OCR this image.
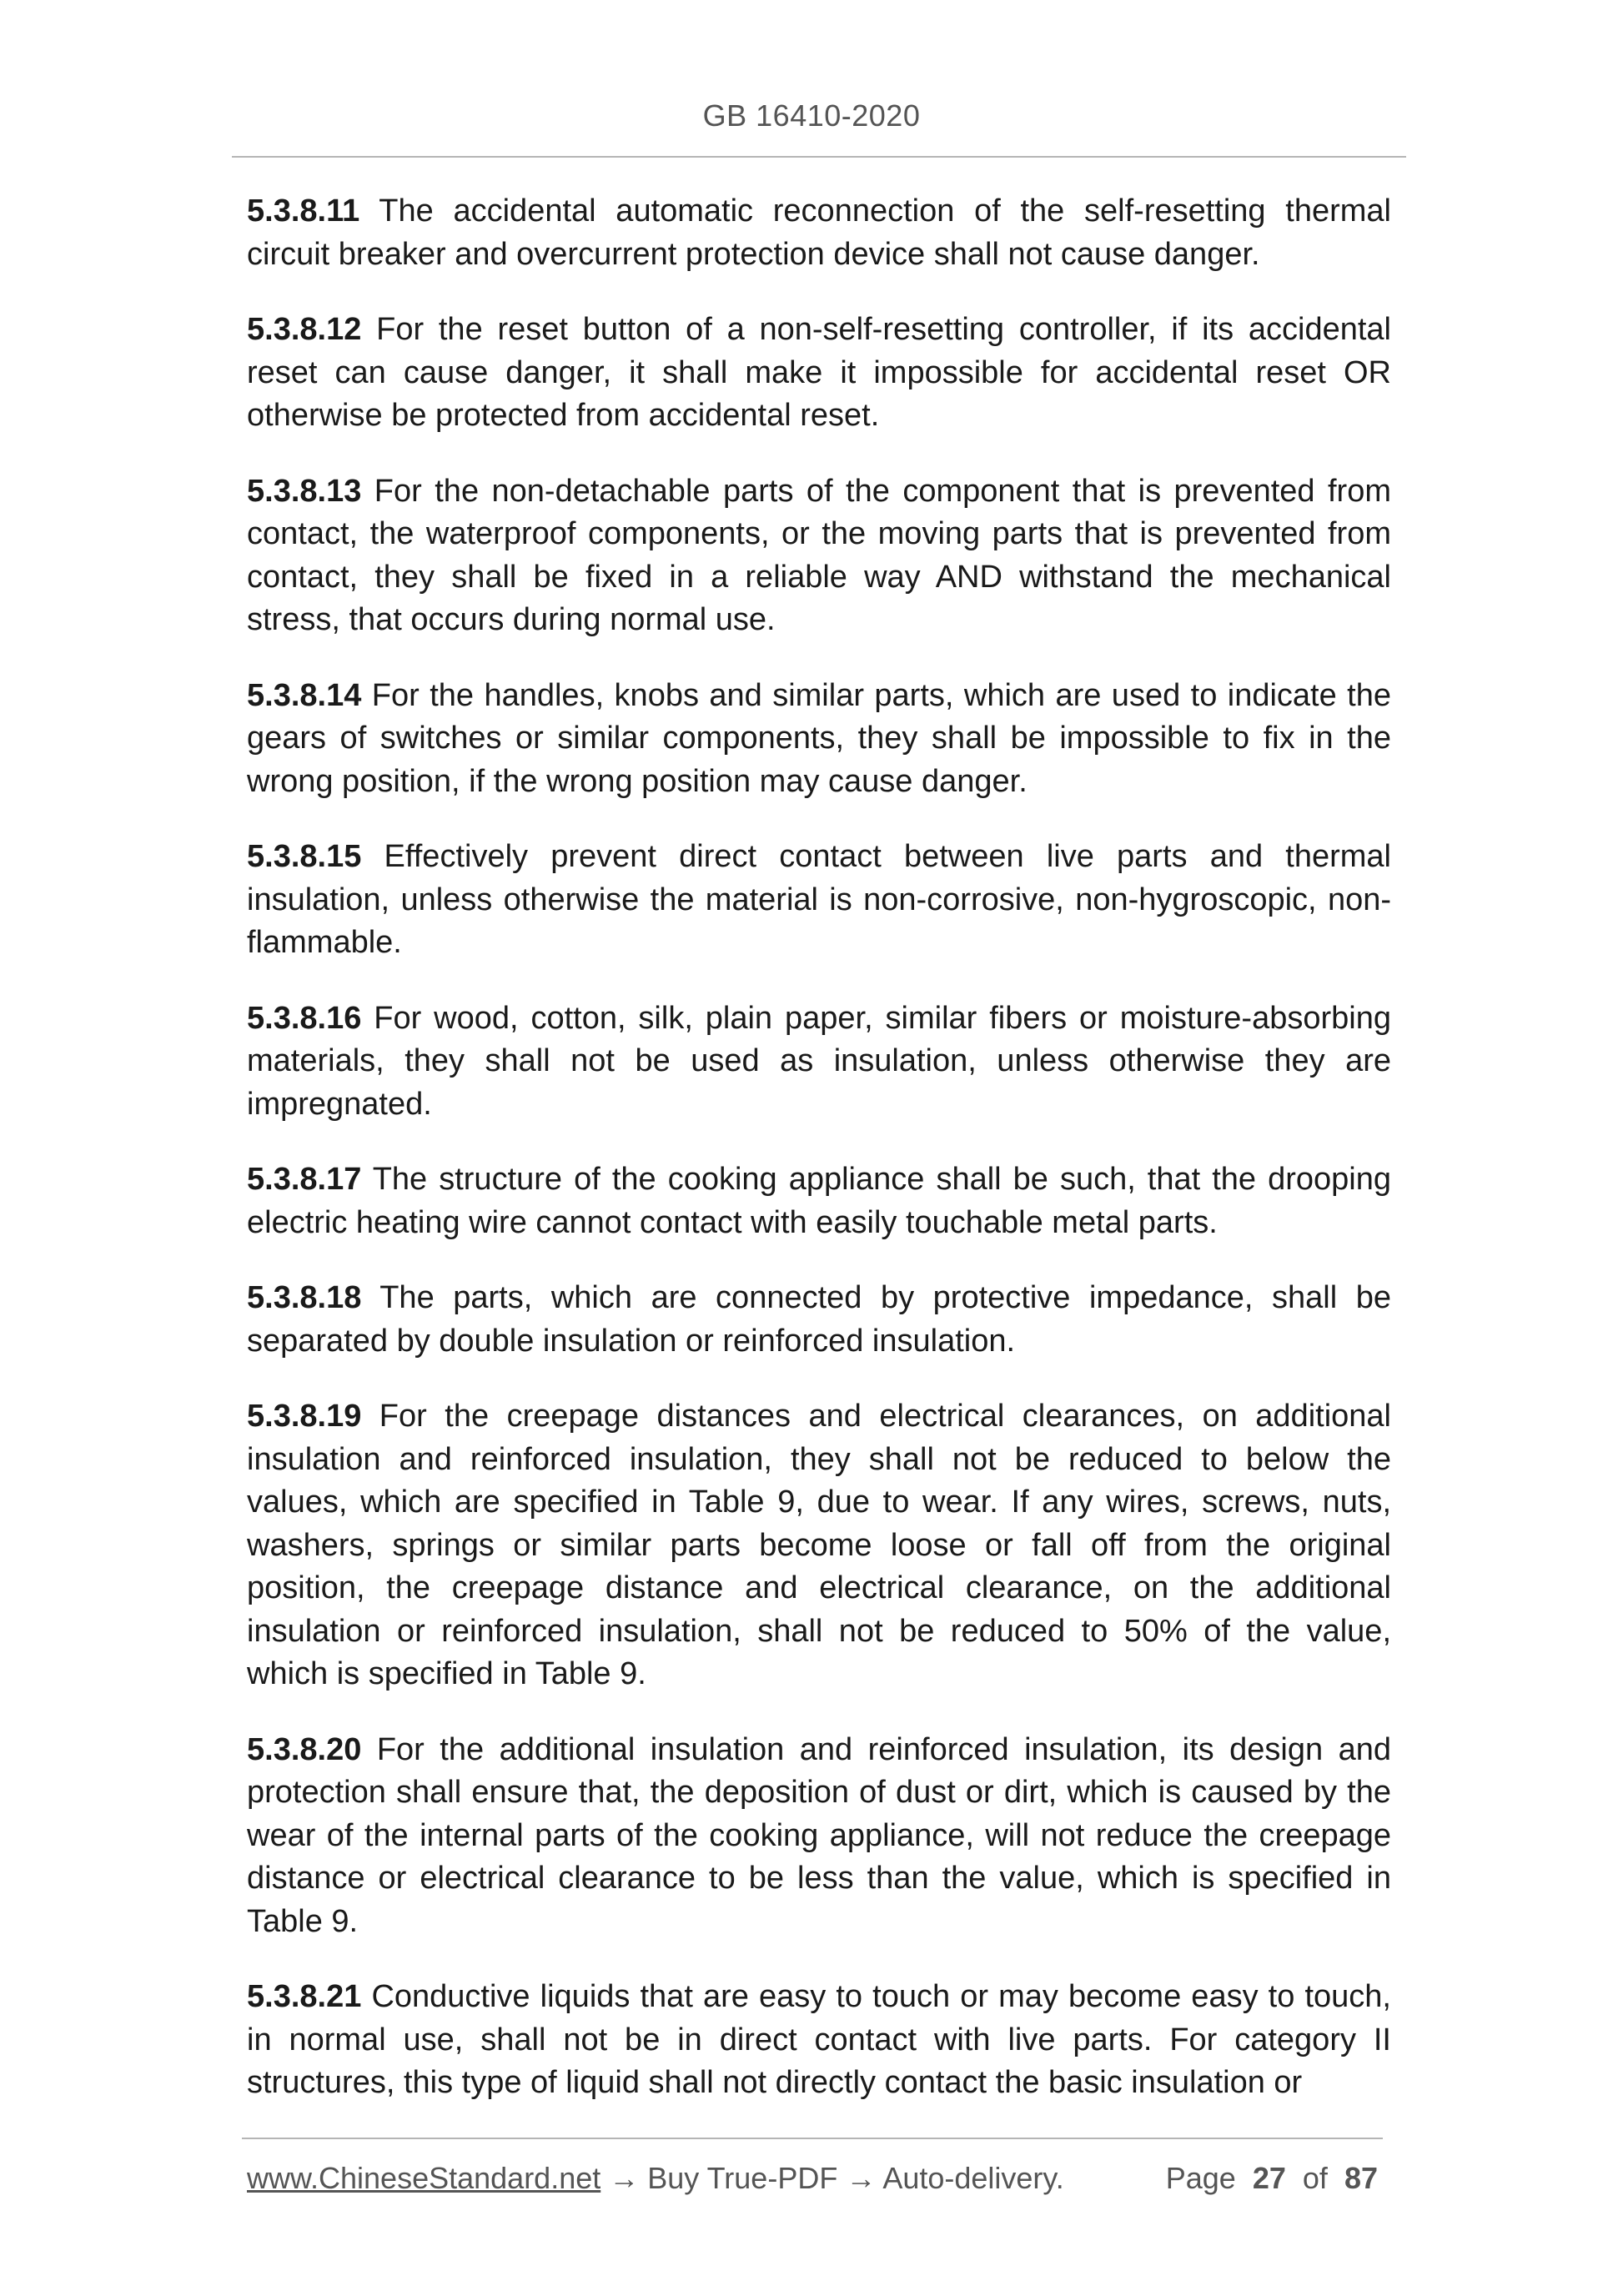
GB 16410-2020

5.3.8.11 The accidental automatic reconnection of the self-resetting thermal circuit breaker and overcurrent protection device shall not cause danger.

5.3.8.12 For the reset button of a non-self-resetting controller, if its accidental reset can cause danger, it shall make it impossible for accidental reset OR otherwise be protected from accidental reset.

5.3.8.13 For the non-detachable parts of the component that is prevented from contact, the waterproof components, or the moving parts that is prevented from contact, they shall be fixed in a reliable way AND withstand the mechanical stress, that occurs during normal use.

5.3.8.14 For the handles, knobs and similar parts, which are used to indicate the gears of switches or similar components, they shall be impossible to fix in the wrong position, if the wrong position may cause danger.

5.3.8.15 Effectively prevent direct contact between live parts and thermal insulation, unless otherwise the material is non-corrosive, non-hygroscopic, non-flammable.

5.3.8.16 For wood, cotton, silk, plain paper, similar fibers or moisture-absorbing materials, they shall not be used as insulation, unless otherwise they are impregnated.

5.3.8.17 The structure of the cooking appliance shall be such, that the drooping electric heating wire cannot contact with easily touchable metal parts.

5.3.8.18 The parts, which are connected by protective impedance, shall be separated by double insulation or reinforced insulation.

5.3.8.19 For the creepage distances and electrical clearances, on additional insulation and reinforced insulation, they shall not be reduced to below the values, which are specified in Table 9, due to wear. If any wires, screws, nuts, washers, springs or similar parts become loose or fall off from the original position, the creepage distance and electrical clearance, on the additional insulation or reinforced insulation, shall not be reduced to 50% of the value, which is specified in Table 9.

5.3.8.20 For the additional insulation and reinforced insulation, its design and protection shall ensure that, the deposition of dust or dirt, which is caused by the wear of the internal parts of the cooking appliance, will not reduce the creepage distance or electrical clearance to be less than the value, which is specified in Table 9.

5.3.8.21 Conductive liquids that are easy to touch or may become easy to touch, in normal use, shall not be in direct contact with live parts. For category II structures, this type of liquid shall not directly contact the basic insulation or

www.ChineseStandard.net → Buy True-PDF → Auto-delivery.	Page 27 of 87
